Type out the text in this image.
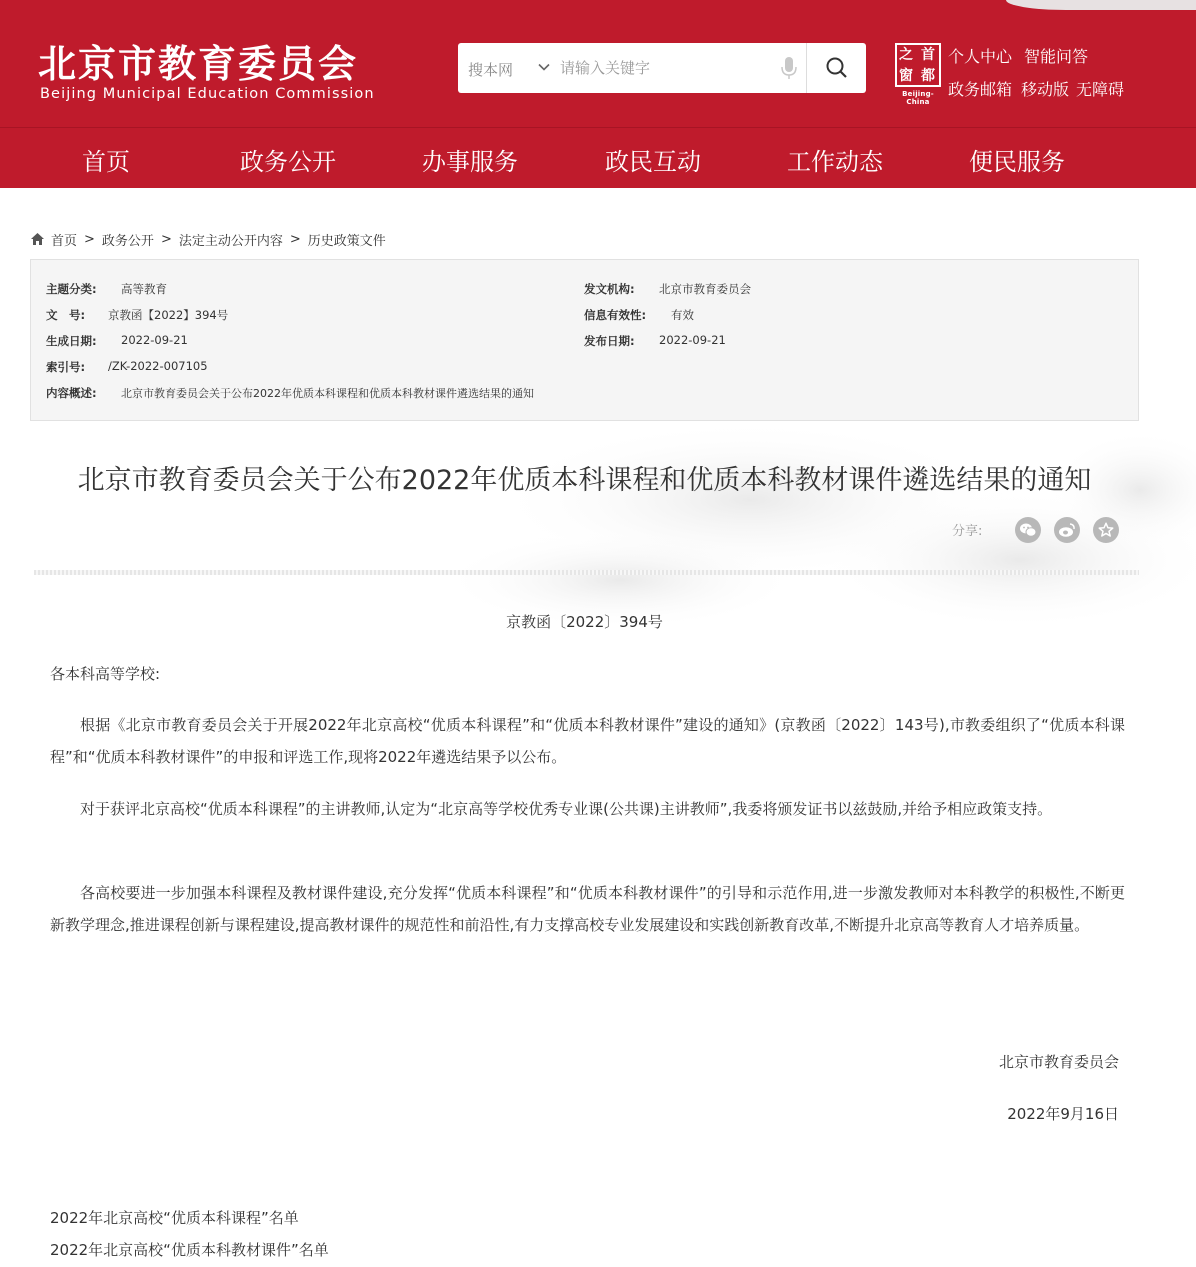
北京市教育委员会
Beijing Municipal Education Commission
搜本网
请输入关键字
之 首
窗 都
Beijing-China
个人中心 智能问答
政务邮箱 移动版 无障碍
首页	政务公开	办事服务	政民互动	工作动态	便民服务
首页 > 政务公开 > 法定主动公开内容 > 历史政策文件
主题分类: 高等教育	发文机构: 北京市教育委员会
文　号: 京教函【2022】394号	信息有效性: 有效
生成日期: 2022-09-21	发布日期: 2022-09-21
索引号: /ZK-2022-007105
内容概述: 北京市教育委员会关于公布2022年优质本科课程和优质本科教材课件遴选结果的通知
北京市教育委员会关于公布2022年优质本科课程和优质本科教材课件遴选结果的通知
分享:
京教函〔2022〕394号
各本科高等学校:

根据《北京市教育委员会关于开展2022年北京高校“优质本科课程”和“优质本科教材课件”建设的通知》(京教函〔2022〕143号),市教委组织了“优质本科课程”和“优质本科教材课件”的申报和评选工作,现将2022年遴选结果予以公布。

对于获评北京高校“优质本科课程”的主讲教师,认定为“北京高等学校优秀专业课(公共课)主讲教师”,我委将颁发证书以兹鼓励,并给予相应政策支持。

各高校要进一步加强本科课程及教材课件建设,充分发挥“优质本科课程”和“优质本科教材课件”的引导和示范作用,进一步激发教师对本科教学的积极性,不断更新教学理念,推进课程创新与课程建设,提高教材课件的规范性和前沿性,有力支撑高校专业发展建设和实践创新教育改革,不断提升北京高等教育人才培养质量。

北京市教育委员会
2022年9月16日
2022年北京高校“优质本科课程”名单
2022年北京高校“优质本科教材课件”名单
